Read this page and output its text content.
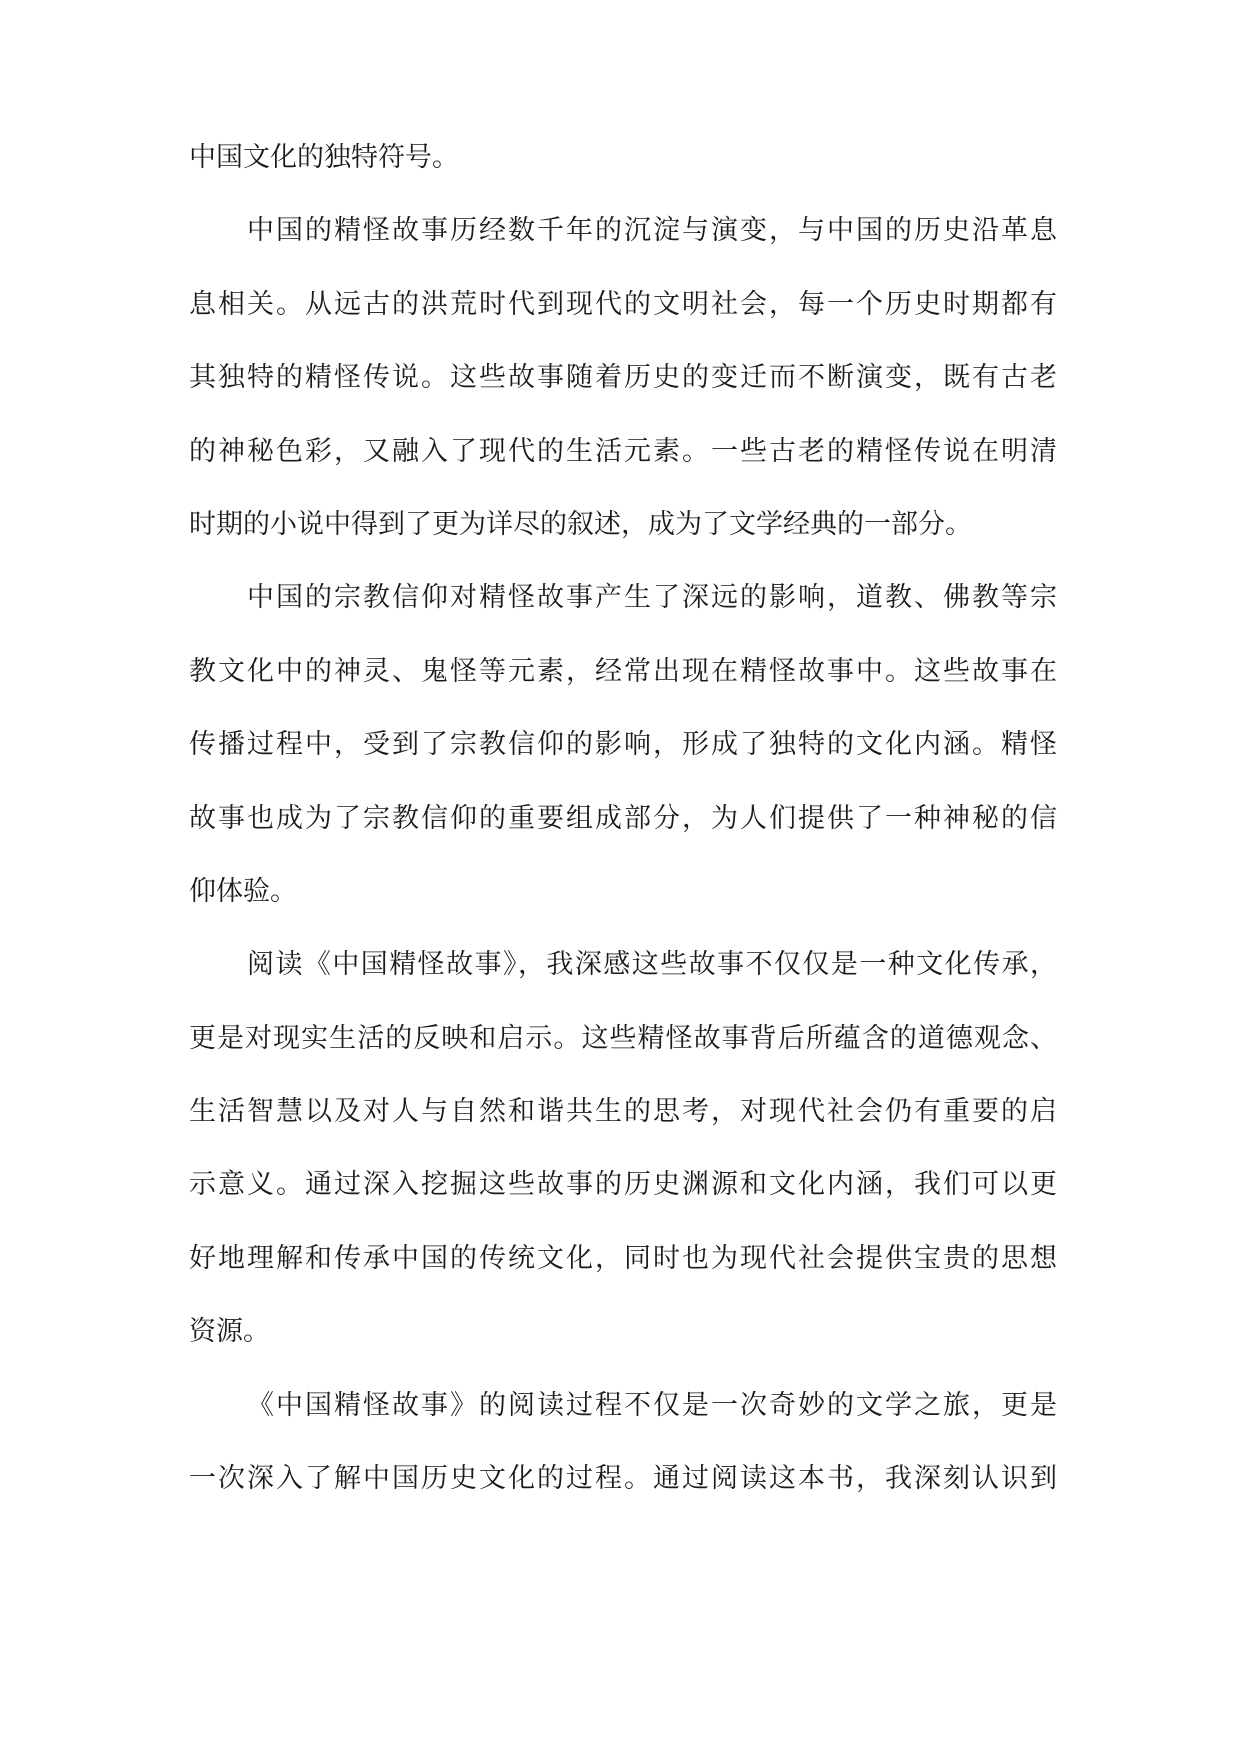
中国文化的独特符号。
中国的精怪故事历经数千年的沉淀与演变，与中国的历史沿革息
息相关。从远古的洪荒时代到现代的文明社会，每一个历史时期都有
其独特的精怪传说。这些故事随着历史的变迁而不断演变，既有古老
的神秘色彩，又融入了现代的生活元素。一些古老的精怪传说在明清
时期的小说中得到了更为详尽的叙述，成为了文学经典的一部分。
中国的宗教信仰对精怪故事产生了深远的影响，道教、佛教等宗
教文化中的神灵、鬼怪等元素，经常出现在精怪故事中。这些故事在
传播过程中，受到了宗教信仰的影响，形成了独特的文化内涵。精怪
故事也成为了宗教信仰的重要组成部分，为人们提供了一种神秘的信
仰体验。
阅读《中国精怪故事》，我深感这些故事不仅仅是一种文化传承，
更是对现实生活的反映和启示。这些精怪故事背后所蕴含的道德观念、
生活智慧以及对人与自然和谐共生的思考，对现代社会仍有重要的启
示意义。通过深入挖掘这些故事的历史渊源和文化内涵，我们可以更
好地理解和传承中国的传统文化，同时也为现代社会提供宝贵的思想
资源。
《中国精怪故事》的阅读过程不仅是一次奇妙的文学之旅，更是
一次深入了解中国历史文化的过程。通过阅读这本书，我深刻认识到
